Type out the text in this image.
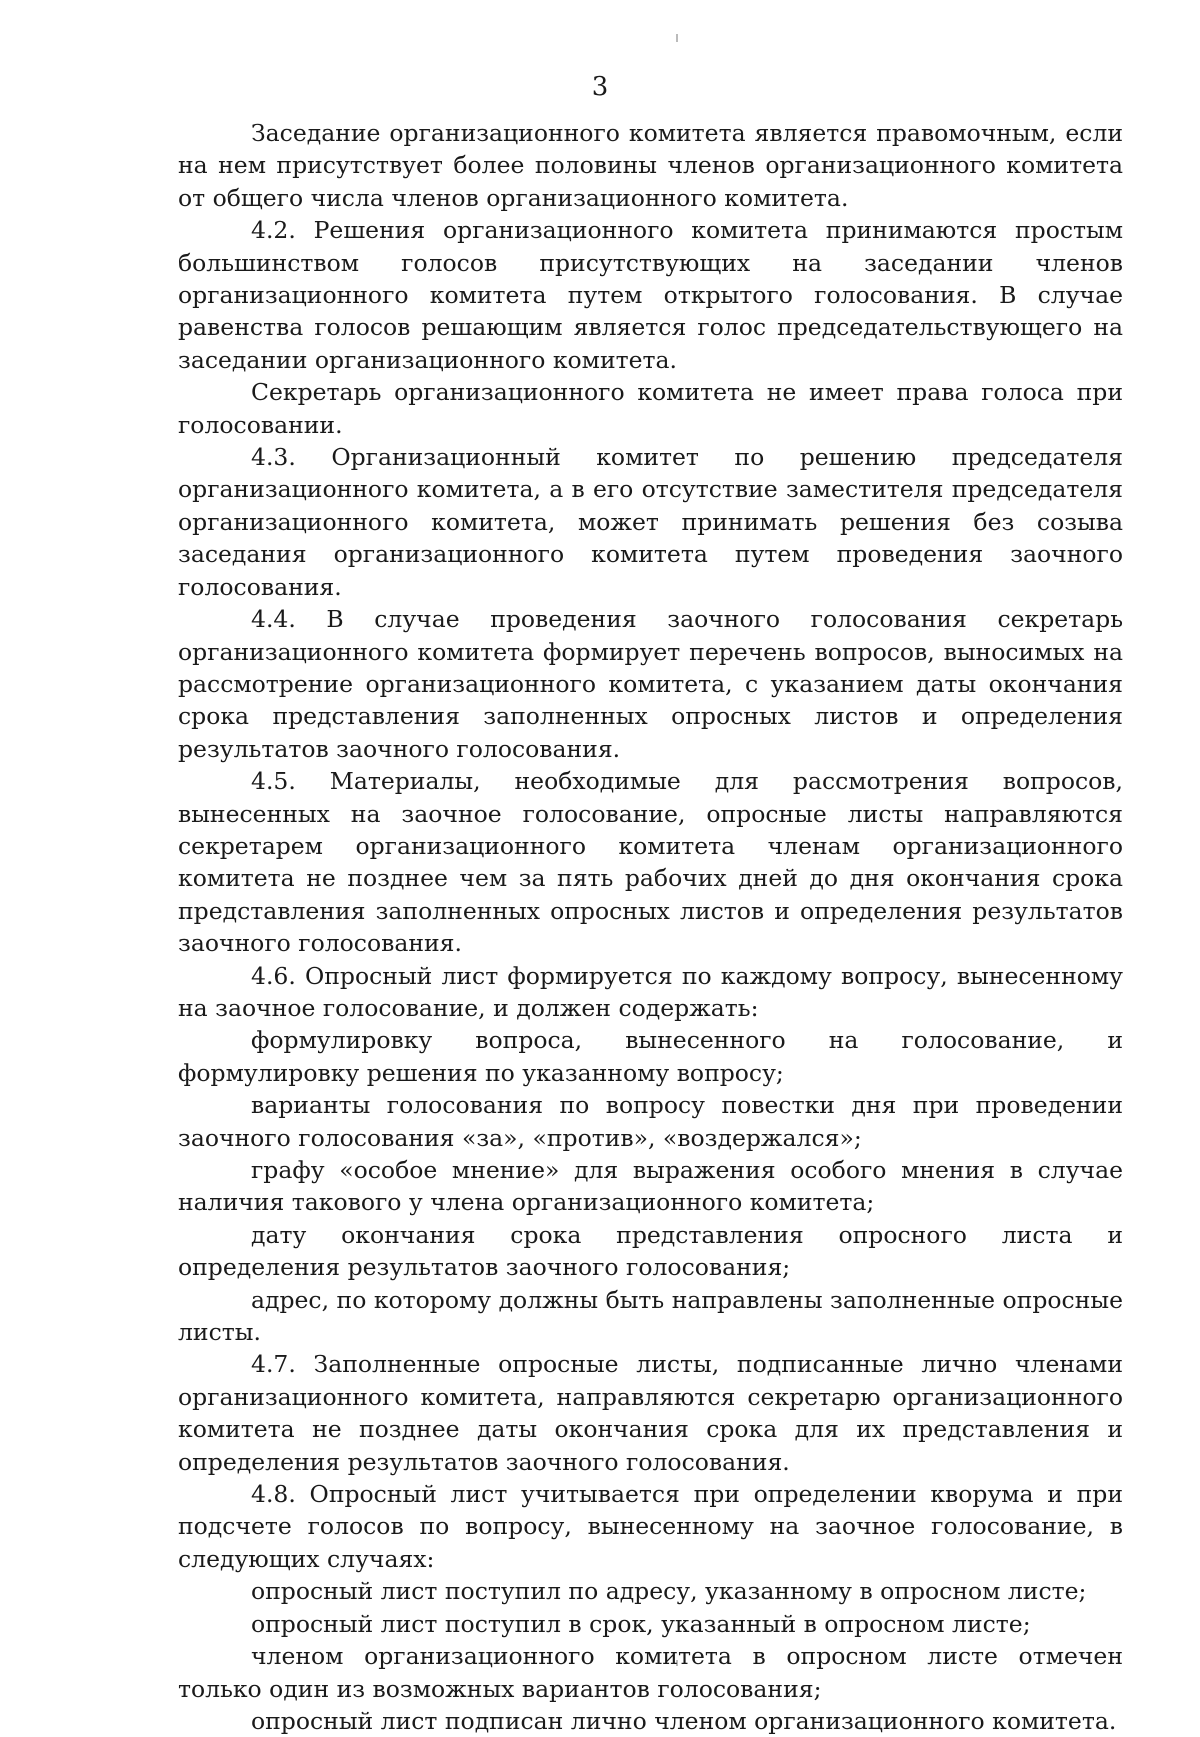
3

Заседание организационного комитета является правомочным, если на нем присутствует более половины членов организационного комитета от общего числа членов организационного комитета.

4.2. Решения организационного комитета принимаются простым большинством голосов присутствующих на заседании членов организационного комитета путем открытого голосования. В случае равенства голосов решающим является голос председательствующего на заседании организационного комитета.

Секретарь организационного комитета не имеет права голоса при голосовании.

4.3. Организационный комитет по решению председателя организационного комитета, а в его отсутствие заместителя председателя организационного комитета, может принимать решения без созыва заседания организационного комитета путем проведения заочного голосования.

4.4. В случае проведения заочного голосования секретарь организационного комитета формирует перечень вопросов, выносимых на рассмотрение организационного комитета, с указанием даты окончания срока представления заполненных опросных листов и определения результатов заочного голосования.

4.5. Материалы, необходимые для рассмотрения вопросов, вынесенных на заочное голосование, опросные листы направляются секретарем организационного комитета членам организационного комитета не позднее чем за пять рабочих дней до дня окончания срока представления заполненных опросных листов и определения результатов заочного голосования.

4.6. Опросный лист формируется по каждому вопросу, вынесенному на заочное голосование, и должен содержать:

формулировку вопроса, вынесенного на голосование, и формулировку решения по указанному вопросу;

варианты голосования по вопросу повестки дня при проведении заочного голосования «за», «против», «воздержался»;

графу «особое мнение» для выражения особого мнения в случае наличия такового у члена организационного комитета;

дату окончания срока представления опросного листа и определения результатов заочного голосования;

адрес, по которому должны быть направлены заполненные опросные листы.

4.7. Заполненные опросные листы, подписанные лично членами организационного комитета, направляются секретарю организационного комитета не позднее даты окончания срока для их представления и определения результатов заочного голосования.

4.8. Опросный лист учитывается при определении кворума и при подсчете голосов по вопросу, вынесенному на заочное голосование, в следующих случаях:

опросный лист поступил по адресу, указанному в опросном листе;

опросный лист поступил в срок, указанный в опросном листе;

членом организационного комитета в опросном листе отмечен только один из возможных вариантов голосования;

опросный лист подписан лично членом организационного комитета.
